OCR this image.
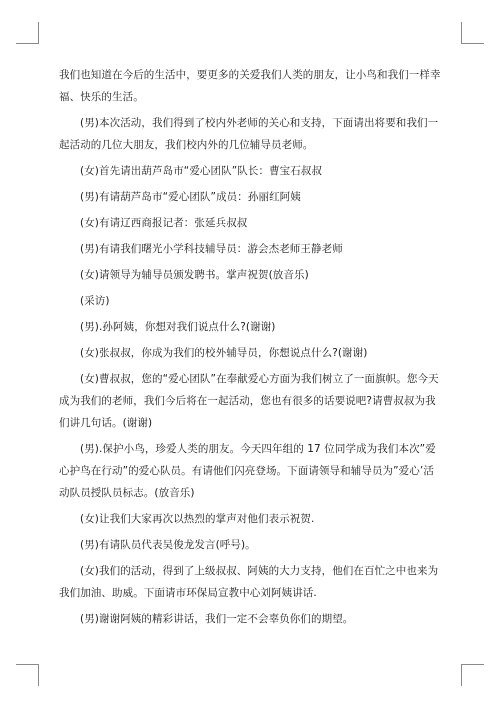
我们也知道在今后的生活中，要更多的关爱我们人类的朋友，让小鸟和我们一样幸福、快乐的生活。

(男)本次活动，我们得到了校内外老师的关心和支持，下面请出将要和我们一起活动的几位大朋友，我们校内外的几位辅导员老师。

(女)首先请出葫芦岛市“爱心团队”队长：曹宝石叔叔

(男)有请葫芦岛市“爱心团队”成员：孙丽红阿姨

(女)有请辽西商报记者：张延兵叔叔

(男)有请我们曙光小学科技辅导员：游会杰老师王静老师

(女)请领导为辅导员颁发聘书。掌声祝贺(放音乐)

(采访)

(男).孙阿姨，你想对我们说点什么?(谢谢)

(女)张叔叔，你成为我们的校外辅导员，你想说点什么?(谢谢)

(女)曹叔叔，您的“爱心团队”在奉献爱心方面为我们树立了一面旗帜。您今天成为我们的老师，我们今后将在一起活动，您也有很多的话要说吧?请曹叔叔为我们讲几句话。(谢谢)

(男).保护小鸟，珍爱人类的朋友。今天四年组的 17 位同学成为我们本次”爱心护鸟在行动”的爱心队员。有请他们闪亮登场。下面请领导和辅导员为”爱心’活动队员授队员标志。(放音乐)

(女)让我们大家再次以热烈的掌声对他们表示祝贺.

(男)有请队员代表吴俊龙发言(呼号)。

(女)我们的活动，得到了上级叔叔、阿姨的大力支持，他们在百忙之中也来为我们加油、助威。下面请市环保局宣教中心刘阿姨讲话.

(男)谢谢阿姨的精彩讲话，我们一定不会辜负你们的期望。
